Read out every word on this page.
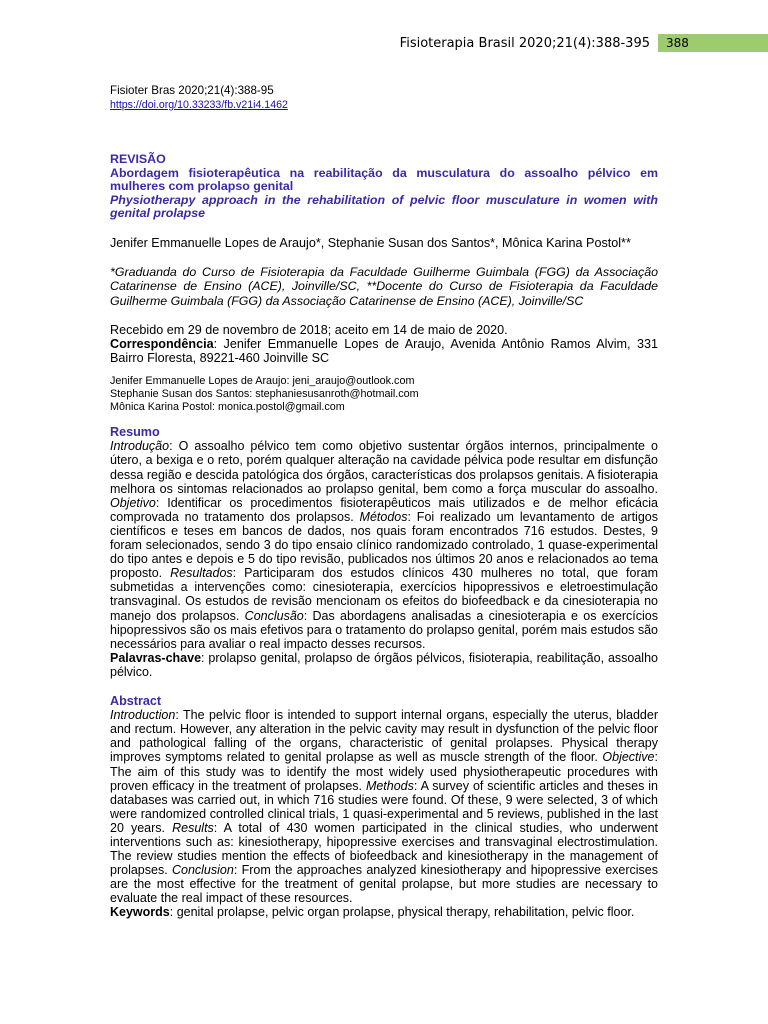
Fisioterapia Brasil 2020;21(4):388-395	388
Fisioter Bras 2020;21(4):388-95
https://doi.org/10.33233/fb.v21i4.1462
REVISÃO
Abordagem fisioterapêutica na reabilitação da musculatura do assoalho pélvico em mulheres com prolapso genital
Physiotherapy approach in the rehabilitation of pelvic floor musculature in women with genital prolapse
Jenifer Emmanuelle Lopes de Araujo*, Stephanie Susan dos Santos*, Mônica Karina Postol**
*Graduanda do Curso de Fisioterapia da Faculdade Guilherme Guimbala (FGG) da Associação Catarinense de Ensino (ACE), Joinville/SC, **Docente do Curso de Fisioterapia da Faculdade Guilherme Guimbala (FGG) da Associação Catarinense de Ensino (ACE), Joinville/SC
Recebido em 29 de novembro de 2018; aceito em 14 de maio de 2020.
Correspondência: Jenifer Emmanuelle Lopes de Araujo, Avenida Antônio Ramos Alvim, 331 Bairro Floresta, 89221-460 Joinville SC
Jenifer Emmanuelle Lopes de Araujo: jeni_araujo@outlook.com
Stephanie Susan dos Santos: stephaniesusanroth@hotmail.com
Mônica Karina Postol: monica.postol@gmail.com
Resumo
Introdução: O assoalho pélvico tem como objetivo sustentar órgãos internos, principalmente o útero, a bexiga e o reto, porém qualquer alteração na cavidade pélvica pode resultar em disfunção dessa região e descida patológica dos órgãos, características dos prolapsos genitais. A fisioterapia melhora os sintomas relacionados ao prolapso genital, bem como a força muscular do assoalho. Objetivo: Identificar os procedimentos fisioterapêuticos mais utilizados e de melhor eficácia comprovada no tratamento dos prolapsos. Métodos: Foi realizado um levantamento de artigos científicos e teses em bancos de dados, nos quais foram encontrados 716 estudos. Destes, 9 foram selecionados, sendo 3 do tipo ensaio clínico randomizado controlado, 1 quase-experimental do tipo antes e depois e 5 do tipo revisão, publicados nos últimos 20 anos e relacionados ao tema proposto. Resultados: Participaram dos estudos clínicos 430 mulheres no total, que foram submetidas a intervenções como: cinesioterapia, exercícios hipopressivos e eletroestimulação transvaginal. Os estudos de revisão mencionam os efeitos do biofeedback e da cinesioterapia no manejo dos prolapsos. Conclusão: Das abordagens analisadas a cinesioterapia e os exercícios hipopressivos são os mais efetivos para o tratamento do prolapso genital, porém mais estudos são necessários para avaliar o real impacto desses recursos.
Palavras-chave: prolapso genital, prolapso de órgãos pélvicos, fisioterapia, reabilitação, assoalho pélvico.
Abstract
Introduction: The pelvic floor is intended to support internal organs, especially the uterus, bladder and rectum. However, any alteration in the pelvic cavity may result in dysfunction of the pelvic floor and pathological falling of the organs, characteristic of genital prolapses. Physical therapy improves symptoms related to genital prolapse as well as muscle strength of the floor. Objective: The aim of this study was to identify the most widely used physiotherapeutic procedures with proven efficacy in the treatment of prolapses. Methods: A survey of scientific articles and theses in databases was carried out, in which 716 studies were found. Of these, 9 were selected, 3 of which were randomized controlled clinical trials, 1 quasi-experimental and 5 reviews, published in the last 20 years. Results: A total of 430 women participated in the clinical studies, who underwent interventions such as: kinesiotherapy, hipopressive exercises and transvaginal electrostimulation. The review studies mention the effects of biofeedback and kinesiotherapy in the management of prolapses. Conclusion: From the approaches analyzed kinesiotherapy and hipopressive exercises are the most effective for the treatment of genital prolapse, but more studies are necessary to evaluate the real impact of these resources.
Keywords: genital prolapse, pelvic organ prolapse, physical therapy, rehabilitation, pelvic floor.
